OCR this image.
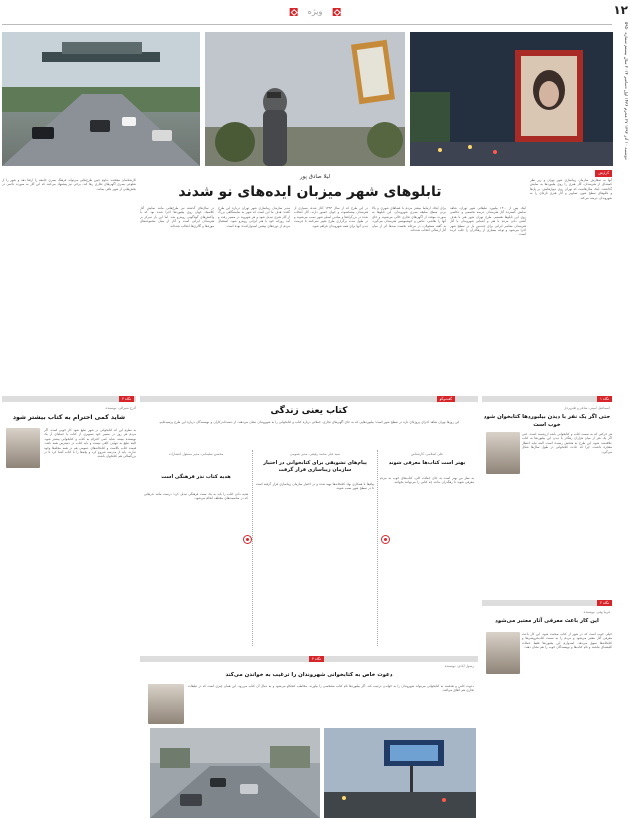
ویژه	۱۲
دوشنبه ۱۰ آذر ۱۳۹۳ ۲۷ محرم ۱۴۳۶ اول دسامبر ۲۰۱۴ سال بیستم شماره ۵۹۵۰
گزارش
لیلا صادق پور
تابلوهای شهر میزبان ایده‌های نو شدند
آنها به سفارش سازمان زیباسازی شهر تهران و زیر نظر کمیته‌ای از هنرمندان، آثار هنری را روی بیلبوردها به نمایش گذاشتند. اینک سال‌هاست که تهران روی دیوارهایش، بر پل‌ها و تابلوهای سطح شهر، تصاویر و آثار هنری تازه‌ای را به شهروندان عرضه می‌کند.
اینک پس از ۱۳۰۰ بیلبورد تبلیغاتی شهر تهران، شاهد نمایش گسترده آثار هنرمندان عرصه تجسمی و عکاسی روی این تابلوها هستیم. طرح تهران شهر هنر با هدف آشتی دادن مردم با هنر و آشنایی شهروندان با آثار هنرمندان معاصر ایرانی برای چندمین بار در سطح شهر اجرا می‌شود و توجه بسیاری از رهگذران را جلب کرده است.
برای ایجاد ارتباط بیشتر مردم با فضاهای شهری و بالا بردن سطح سلیقه بصری شهروندان، این تابلوها به صورت موقت از آگهی‌های تجاری خالی می‌شوند و جای آنها را نقاشی، عکس و خوشنویسی هنرمندان می‌گیرد. به گفته مسئولان، در مرحله نخست صدها اثر از میان آثار ارسالی انتخاب شده‌اند.
در این طرح که از سال ۱۳۹۳ آغاز شده، بسیاری از هنرمندان پیشکسوت و جوان حضور دارند. آثار انتخاب شده در بزرگراه‌ها و میادین اصلی شهر نصب می‌شوند و در طول مدت برگزاری طرح تغییر نمی‌کنند تا فرصت دیدن آنها برای همه شهروندان فراهم شود.
مدیر سازمان زیباسازی شهر تهران درباره این طرح گفت: هدف ما این است که شهر به نمایشگاهی بزرگ از آثار هنری تبدیل شود و هر شهروند در مسیر رفت و آمد روزانه خود با هنر ایرانی روبه‌رو شود. استقبال مردم از دوره‌های پیشین امیدوارکننده بوده است.
در سال‌های گذشته نیز طرح‌هایی مانند نمایش آثار کلاسیک جهان روی بیلبوردها اجرا شده بود که با واکنش‌های گوناگونی روبه‌رو شد. اما این بار تمرکز بر هنرمندان ایرانی است و آثار از میان مجموعه‌های موزه‌ها و گالری‌ها انتخاب شده‌اند.
کارشناسان معتقدند تداوم چنین طرح‌هایی می‌تواند فرهنگ بصری جامعه را ارتقا دهد و شهر را از شلوغی بصری آگهی‌های تجاری رها کند. برخی نیز پیشنهاد می‌کنند که این آثار به صورت دائمی در بخش‌هایی از شهر باقی بمانند.
نگاه ۳
آذرخ شیرالی، نویسنده
شاید کمی احترام به کتاب بیشتر شود
به نظرم این که کتابخوانی در شهر تبلیغ شود کار خوبی است. اگر مردم هر روز در مسیر خود تصویری از کتاب یا جمله‌ای از یک نویسنده ببینند، شاید کمی احترام به کتاب و کتابخوانی بیشتر شود. البته تبلیغ به تنهایی کافی نیست و باید کتاب در دسترس همه باشد. قیمت کتاب بالاست و کتابخانه‌های عمومی هم در همه محله‌ها وجود ندارند. باید از مدرسه شروع کرد و بچه‌ها را با کتاب آشنا کرد تا در بزرگسالی هم کتابخوان باشند.
گفت‌وگو
کتاب یعنی زندگی
این روزها تهران شاهد اجرای پروژه‌ای تازه در سطح شهر است؛ بیلبوردهایی که به جای آگهی‌های تجاری، جملاتی درباره کتاب و کتابخوانی را به شهروندان نشان می‌دهند. از دست‌اندرکاران و نویسندگان درباره این طرح پرسیده‌ایم.
علی اسلامی، کارشناس
بهتر است کتاب‌ها معرفی شوند
به نظر من بهتر است به جای جملات کلی، کتاب‌های خوب به مردم معرفی شوند تا رهگذران بدانند چه کتابی را می‌توانند بخوانند.
سید علی محمد رفیعی، مدیر عمومی
پیام‌های تشویقی برای کتابخوانی در اختیار سازمان زیباسازی قرار گرفت
پیام‌ها با همکاری نهاد کتابخانه‌ها تهیه شده و در اختیار سازمان زیباسازی قرار گرفته است تا در سطح شهر نصب شوند.
محسن سلیمانی، مدیر مسئول انتشارات
هدیه کتاب نذر فرهنگی است
هدیه دادن کتاب را باید به یک سنت فرهنگی تبدیل کرد؛ درست مانند نذرهایی که در مناسبت‌های مختلف انجام می‌شود.
نگاه ۴
رسول آبادی، نویسنده
دعوت خاص به کتابخوانی شهروندان را ترغیب به خواندن می‌کند
دعوت خاص و هدفمند به کتابخوانی می‌تواند شهروندان را به خواندن ترغیب کند. اگر بیلبوردها نام کتاب مشخصی را بیاورند، مخاطب کنجکاو می‌شود و به دنبال آن کتاب می‌رود. این همان چیزی است که در تبلیغات تجاری هم اتفاق می‌افتد.
نگاه ۱
اسماعیل امینی، شاعر و طنزپرداز
حتی اگر یک نفر با دیدن بیلبوردها کتابخوان شود خوب است
هر حرکتی که به سمت کتاب و کتابخوانی باشد ارزشمند است. حتی اگر یک نفر از میان هزاران رهگذر با دیدن این بیلبوردها به کتاب علاقه‌مند شود، این طرح به هدفش رسیده است. البته نباید انتظار معجزه داشت، چرا که عادت کتابخوانی در طول سال‌ها شکل می‌گیرد.
نگاه ۲
فریبا وفی، نویسنده
این کار باعث معرفی آثار معتبر می‌شود
خیلی خوب است که در شهر از کتاب صحبت شود. این کار باعث معرفی آثار معتبر می‌شود و مردم را به سمت کتاب‌فروشی‌ها و کتابخانه‌ها سوق می‌دهد. امیدوارم این بیلبوردها فقط جملات کلیشه‌ای نباشند و نام کتاب‌ها و نویسندگان خوب را هم نشان دهند.
